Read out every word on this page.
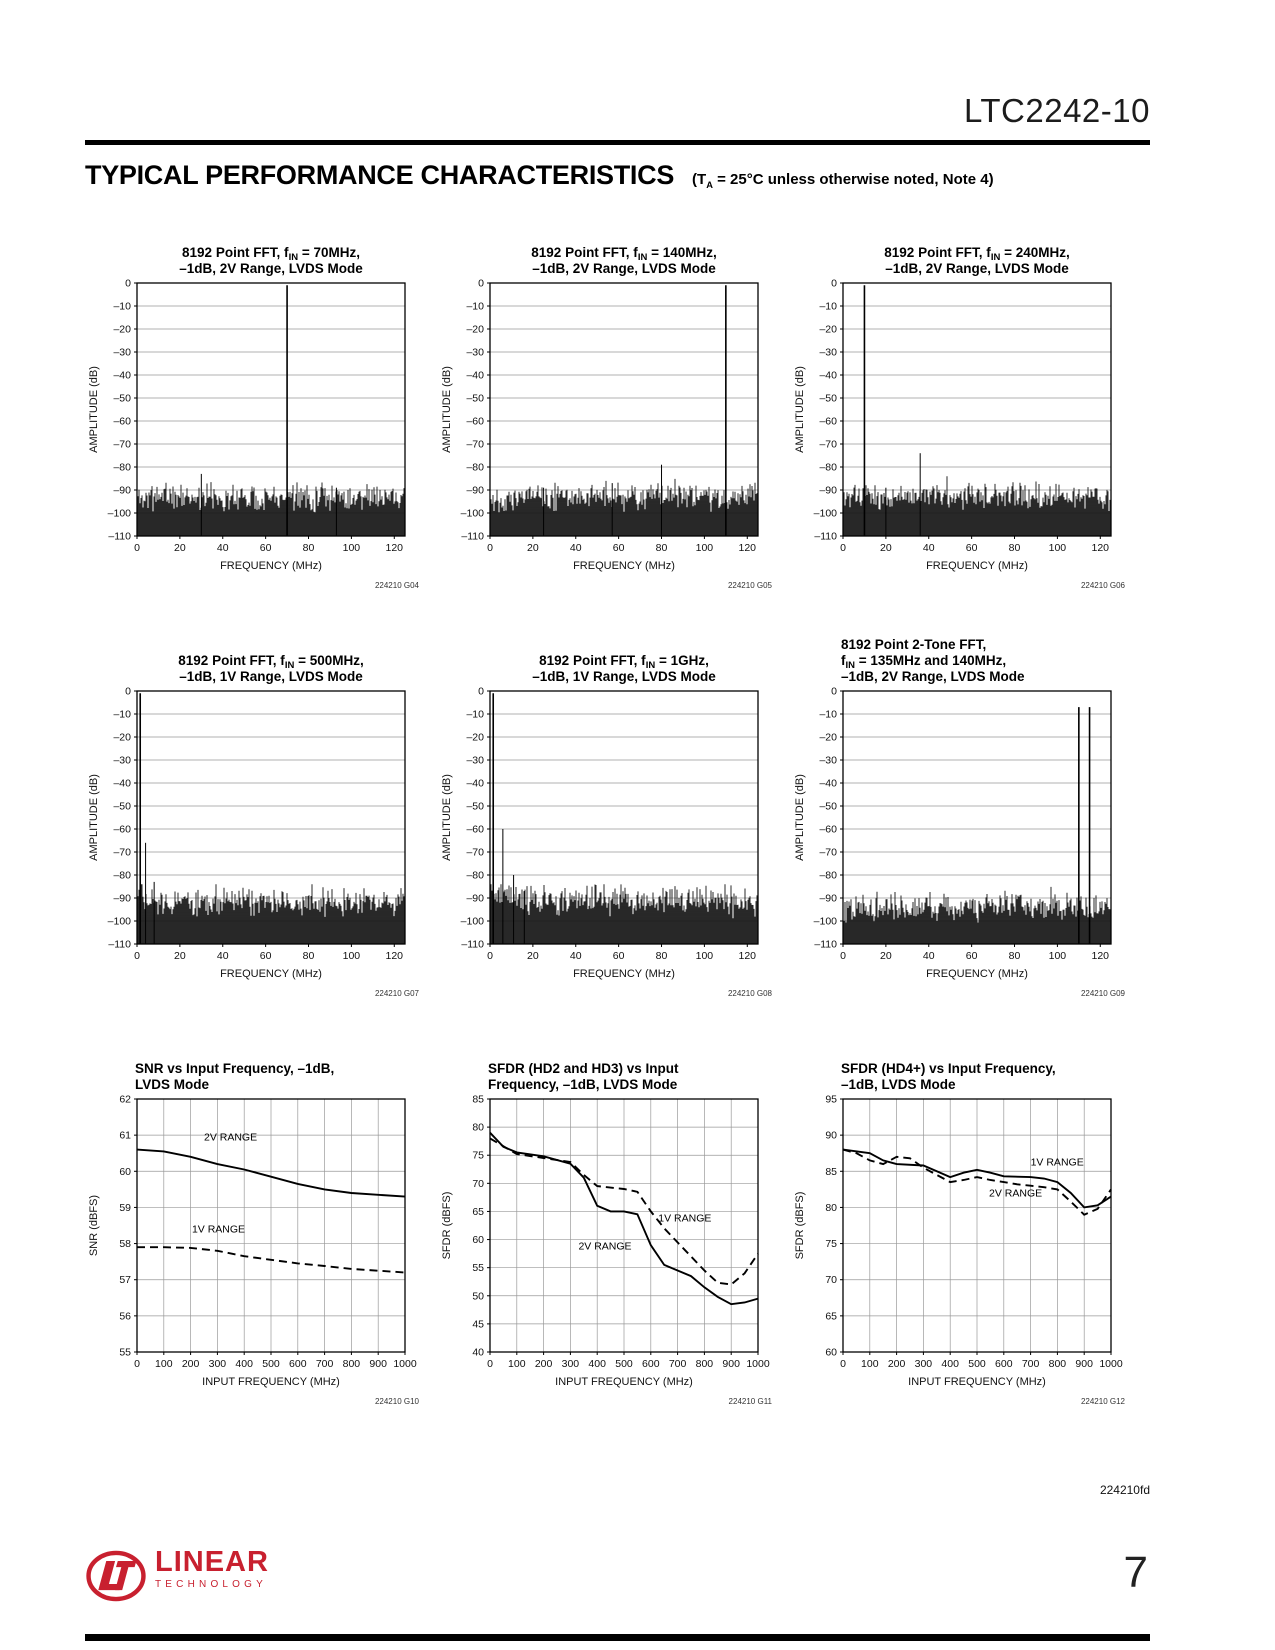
LTC2242-10
TYPICAL PERFORMANCE CHARACTERISTICS ($T_A = 25^\circ C$ unless otherwise noted, Note 4)
8192 Point FFT, $f_{IN} = 70MHz$,
–1dB, 2V Range, LVDS Mode
0
–10
–20
–30
–40
–50
–60
–70
–80
–90
–100
–110
0	20	40	60	80	100 120
AMPLITUDE (dB)
FREQUENCY (MHz)
224210 G04
8192 Point FFT, $f_{IN} = 140MHz$,
–1dB, 2V Range, LVDS Mode
0
–10
–20
–30
–40
–50
–60
–70
–80
–90
–100
–110
0	20	40	60	80	100 120
AMPLITUDE (dB)
FREQUENCY (MHz)
224210 G05
8192 Point FFT, $f_{IN} = 240MHz$,
–1dB, 2V Range, LVDS Mode
0
–10
–20
–30
–40
–50
–60
–70
–80
–90
–100
–110
0	20	40	60	80	100 120
AMPLITUDE (dB)
FREQUENCY (MHz)
224210 G06
8192 Point FFT, $f_{IN} = 500MHz$,
–1dB, 1V Range, LVDS Mode
0
–10
–20
–30
–40
–50
–60
–70
–80
–90
–100
–110
0	20	40	60	80	100 120
AMPLITUDE (dB)
FREQUENCY (MHz)
224210 G07
8192 Point FFT, $f_{IN} = 1GHz$,
–1dB, 1V Range, LVDS Mode
0
–10
–20
–30
–40
–50
–60
–70
–80
–90
–100
–110
0	20	40	60	80	100 120
AMPLITUDE (dB)
FREQUENCY (MHz)
224210 G08
8192 Point 2-Tone FFT,
$f_{IN} = 135MHz$ and 140MHz,
–1dB, 2V Range, LVDS Mode
0
–10
–20
–30
–40
–50
–60
–70
–80
–90
–100
–110
0	20	40	60	80	100 120
AMPLITUDE (dB)
FREQUENCY (MHz)
224210 G09
SNR vs Input Frequency, –1dB,
LVDS Mode
2V RANGE
1V RANGE
62
61
60
59
58
57
56
55
0 100 200 300 400 500 600 700 800 900 1000
SNR (dBFS)
INPUT FREQUENCY (MHz)
224210 G10
SFDR (HD2 and HD3) vs Input
Frequency, –1dB, LVDS Mode
2V RANGE
1V RANGE
85
80
75
70
65
60
55
50
45
40
0 100 200 300 400 500 600 700 800 900 1000
SFDR (dBFS)
INPUT FREQUENCY (MHz)
224210 G11
SFDR (HD4+) vs Input Frequency,
–1dB, LVDS Mode
1V RANGE
2V RANGE
95
90
85
80
75
70
65
60
0 100 200 300 400 500 600 700 800 900 1000
SFDR (dBFS)
INPUT FREQUENCY (MHz)
224210 G12
224210fd
LINEAR
TECHNOLOGY	7
